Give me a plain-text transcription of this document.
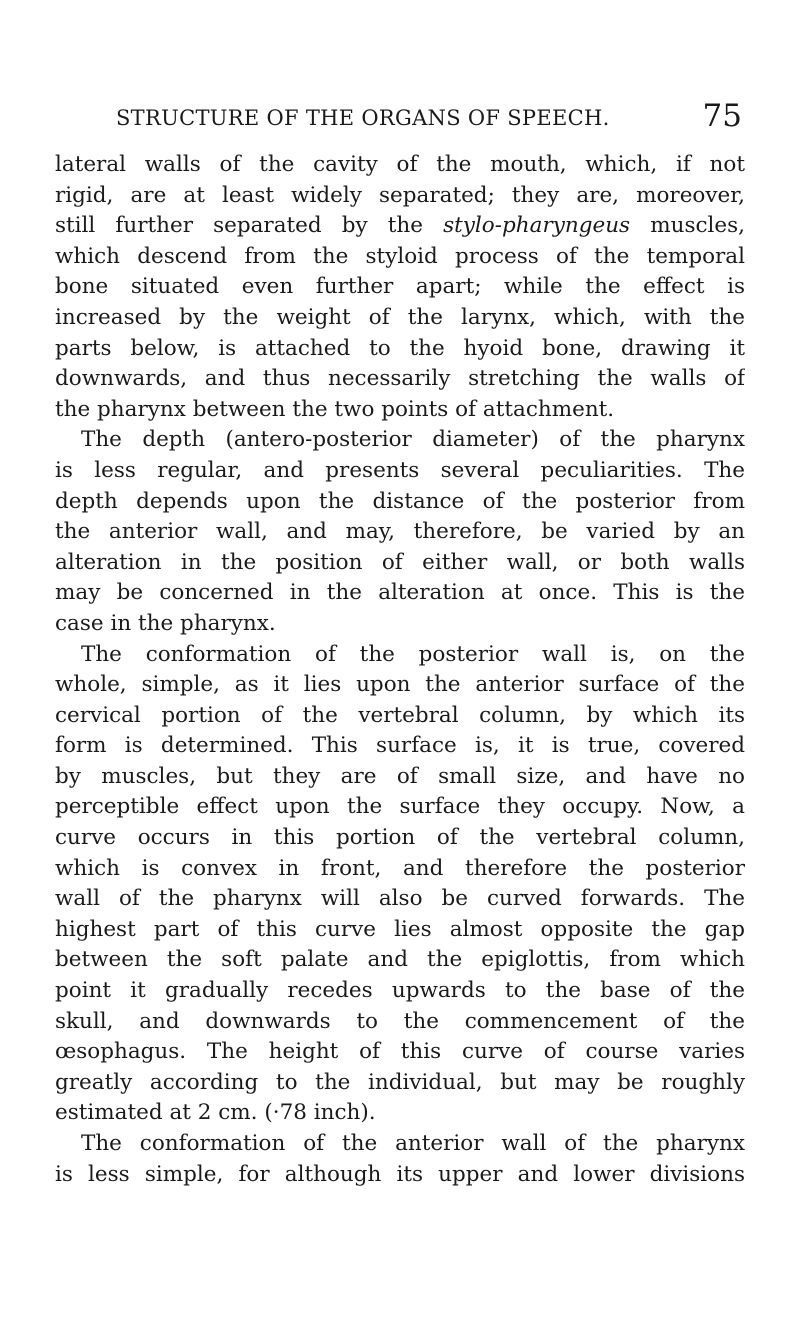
STRUCTURE OF THE ORGANS OF SPEECH.	75
lateral walls of the cavity of the mouth, which, if not
rigid, are at least widely separated; they are, moreover,
still further separated by the stylo-pharyngeus muscles,
which descend from the styloid process of the temporal
bone situated even further apart; while the effect is
increased by the weight of the larynx, which, with the
parts below, is attached to the hyoid bone, drawing it
downwards, and thus necessarily stretching the walls of
the pharynx between the two points of attachment.
The depth (antero-posterior diameter) of the pharynx
is less regular, and presents several peculiarities. The
depth depends upon the distance of the posterior from
the anterior wall, and may, therefore, be varied by an
alteration in the position of either wall, or both walls
may be concerned in the alteration at once. This is the
case in the pharynx.
The conformation of the posterior wall is, on the
whole, simple, as it lies upon the anterior surface of the
cervical portion of the vertebral column, by which its
form is determined. This surface is, it is true, covered
by muscles, but they are of small size, and have no
perceptible effect upon the surface they occupy. Now, a
curve occurs in this portion of the vertebral column,
which is convex in front, and therefore the posterior
wall of the pharynx will also be curved forwards. The
highest part of this curve lies almost opposite the gap
between the soft palate and the epiglottis, from which
point it gradually recedes upwards to the base of the
skull, and downwards to the commencement of the
œsophagus. The height of this curve of course varies
greatly according to the individual, but may be roughly
estimated at 2 cm. (·78 inch).
The conformation of the anterior wall of the pharynx
is less simple, for although its upper and lower divisions
